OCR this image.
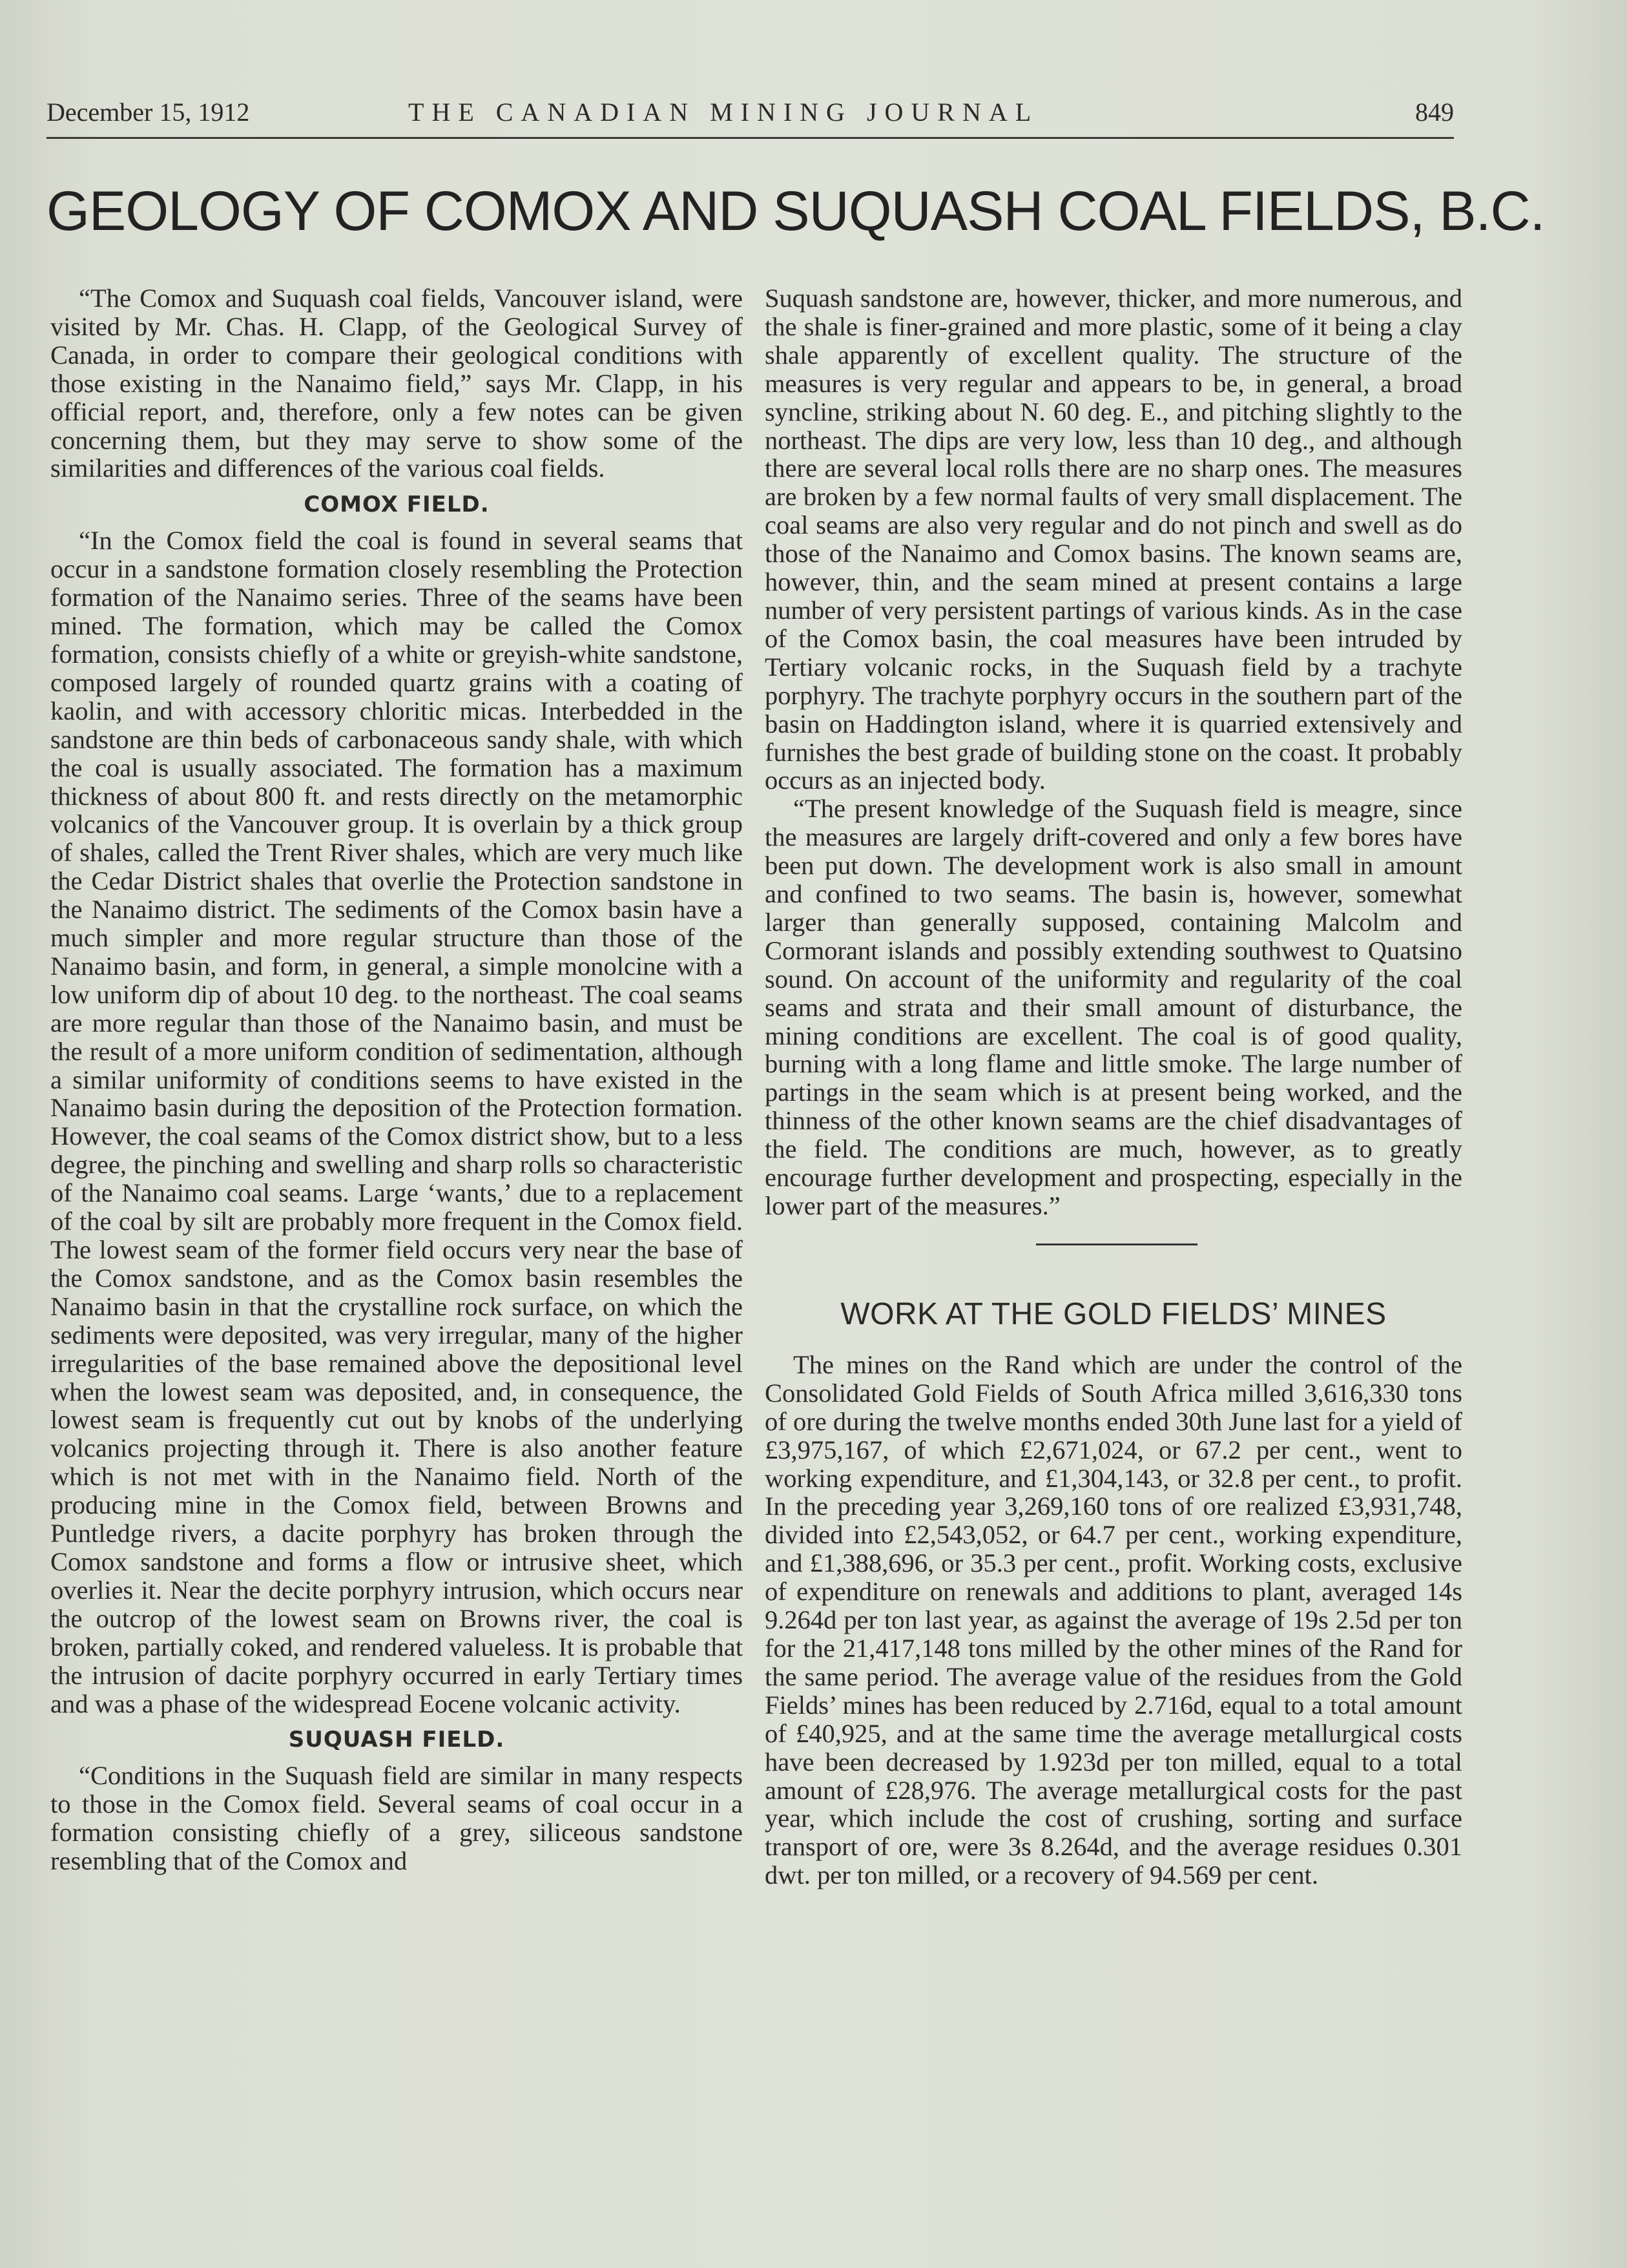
December 15, 1912	THE CANADIAN MINING JOURNAL	849
GEOLOGY OF COMOX AND SUQUASH COAL FIELDS, B.C.

“The Comox and Suquash coal fields, Vancouver island, were visited by Mr. Chas. H. Clapp, of the Geological Survey of Canada, in order to compare their geological conditions with those existing in the Nanaimo field,” says Mr. Clapp, in his official report, and, therefore, only a few notes can be given concerning them, but they may serve to show some of the similarities and differences of the various coal fields.

COMOX FIELD.

“In the Comox field the coal is found in several seams that occur in a sandstone formation closely resembling the Protection formation of the Nanaimo series. Three of the seams have been mined. The formation, which may be called the Comox formation, consists chiefly of a white or greyish-white sandstone, composed largely of rounded quartz grains with a coating of kaolin, and with accessory chloritic micas. Interbedded in the sandstone are thin beds of carbonaceous sandy shale, with which the coal is usually associated. The formation has a maximum thickness of about 800 ft. and rests directly on the metamorphic volcanics of the Vancouver group. It is overlain by a thick group of shales, called the Trent River shales, which are very much like the Cedar District shales that overlie the Protection sandstone in the Nanaimo district. The sediments of the Comox basin have a much simpler and more regular structure than those of the Nanaimo basin, and form, in general, a simple monolcine with a low uniform dip of about 10 deg. to the northeast. The coal seams are more regular than those of the Nanaimo basin, and must be the result of a more uniform condition of sedimentation, although a similar uniformity of conditions seems to have existed in the Nanaimo basin during the deposition of the Protection formation. However, the coal seams of the Comox district show, but to a less degree, the pinching and swelling and sharp rolls so characteristic of the Nanaimo coal seams. Large ‘wants,’ due to a replacement of the coal by silt are probably more frequent in the Comox field. The lowest seam of the former field occurs very near the base of the Comox sandstone, and as the Comox basin resembles the Nanaimo basin in that the crystalline rock surface, on which the sediments were deposited, was very irregular, many of the higher irregularities of the base remained above the depositional level when the lowest seam was deposited, and, in consequence, the lowest seam is frequently cut out by knobs of the underlying volcanics projecting through it. There is also another feature which is not met with in the Nanaimo field. North of the producing mine in the Comox field, between Browns and Puntledge rivers, a dacite porphyry has broken through the Comox sandstone and forms a flow or intrusive sheet, which overlies it. Near the decite porphyry intrusion, which occurs near the outcrop of the lowest seam on Browns river, the coal is broken, partially coked, and rendered valueless. It is probable that the intrusion of dacite porphyry occurred in early Tertiary times and was a phase of the widespread Eocene volcanic activity.

SUQUASH FIELD.

“Conditions in the Suquash field are similar in many respects to those in the Comox field. Several seams of coal occur in a formation consisting chiefly of a grey, siliceous sandstone resembling that of the Comox and

Suquash sandstone are, however, thicker, and more numerous, and the shale is finer-grained and more plastic, some of it being a clay shale apparently of excellent quality. The structure of the measures is very regular and appears to be, in general, a broad syncline, striking about N. 60 deg. E., and pitching slightly to the northeast. The dips are very low, less than 10 deg., and although there are several local rolls there are no sharp ones. The measures are broken by a few normal faults of very small displacement. The coal seams are also very regular and do not pinch and swell as do those of the Nanaimo and Comox basins. The known seams are, however, thin, and the seam mined at present contains a large number of very persistent partings of various kinds. As in the case of the Comox basin, the coal measures have been intruded by Tertiary volcanic rocks, in the Suquash field by a trachyte porphyry. The trachyte porphyry occurs in the southern part of the basin on Haddington island, where it is quarried extensively and furnishes the best grade of building stone on the coast. It probably occurs as an injected body.

“The present knowledge of the Suquash field is meagre, since the measures are largely drift-covered and only a few bores have been put down. The development work is also small in amount and confined to two seams. The basin is, however, somewhat larger than generally supposed, containing Malcolm and Cormorant islands and possibly extending southwest to Quatsino sound. On account of the uniformity and regularity of the coal seams and strata and their small amount of disturbance, the mining conditions are excellent. The coal is of good quality, burning with a long flame and little smoke. The large number of partings in the seam which is at present being worked, and the thinness of the other known seams are the chief disadvantages of the field. The conditions are much, however, as to greatly encourage further development and prospecting, especially in the lower part of the measures.”

WORK AT THE GOLD FIELDS’ MINES

The mines on the Rand which are under the control of the Consolidated Gold Fields of South Africa milled 3,616,330 tons of ore during the twelve months ended 30th June last for a yield of £3,975,167, of which £2,671,024, or 67.2 per cent., went to working expenditure, and £1,304,143, or 32.8 per cent., to profit. In the preceding year 3,269,160 tons of ore realized £3,931,748, divided into £2,543,052, or 64.7 per cent., working expenditure, and £1,388,696, or 35.3 per cent., profit. Working costs, exclusive of expenditure on renewals and additions to plant, averaged 14s 9.264d per ton last year, as against the average of 19s 2.5d per ton for the 21,417,148 tons milled by the other mines of the Rand for the same period. The average value of the residues from the Gold Fields’ mines has been reduced by 2.716d, equal to a total amount of £40,925, and at the same time the average metallurgical costs have been decreased by 1.923d per ton milled, equal to a total amount of £28,976. The average metallurgical costs for the past year, which include the cost of crushing, sorting and surface transport of ore, were 3s 8.264d, and the average residues 0.301 dwt. per ton milled, or a recovery of 94.569 per cent.
